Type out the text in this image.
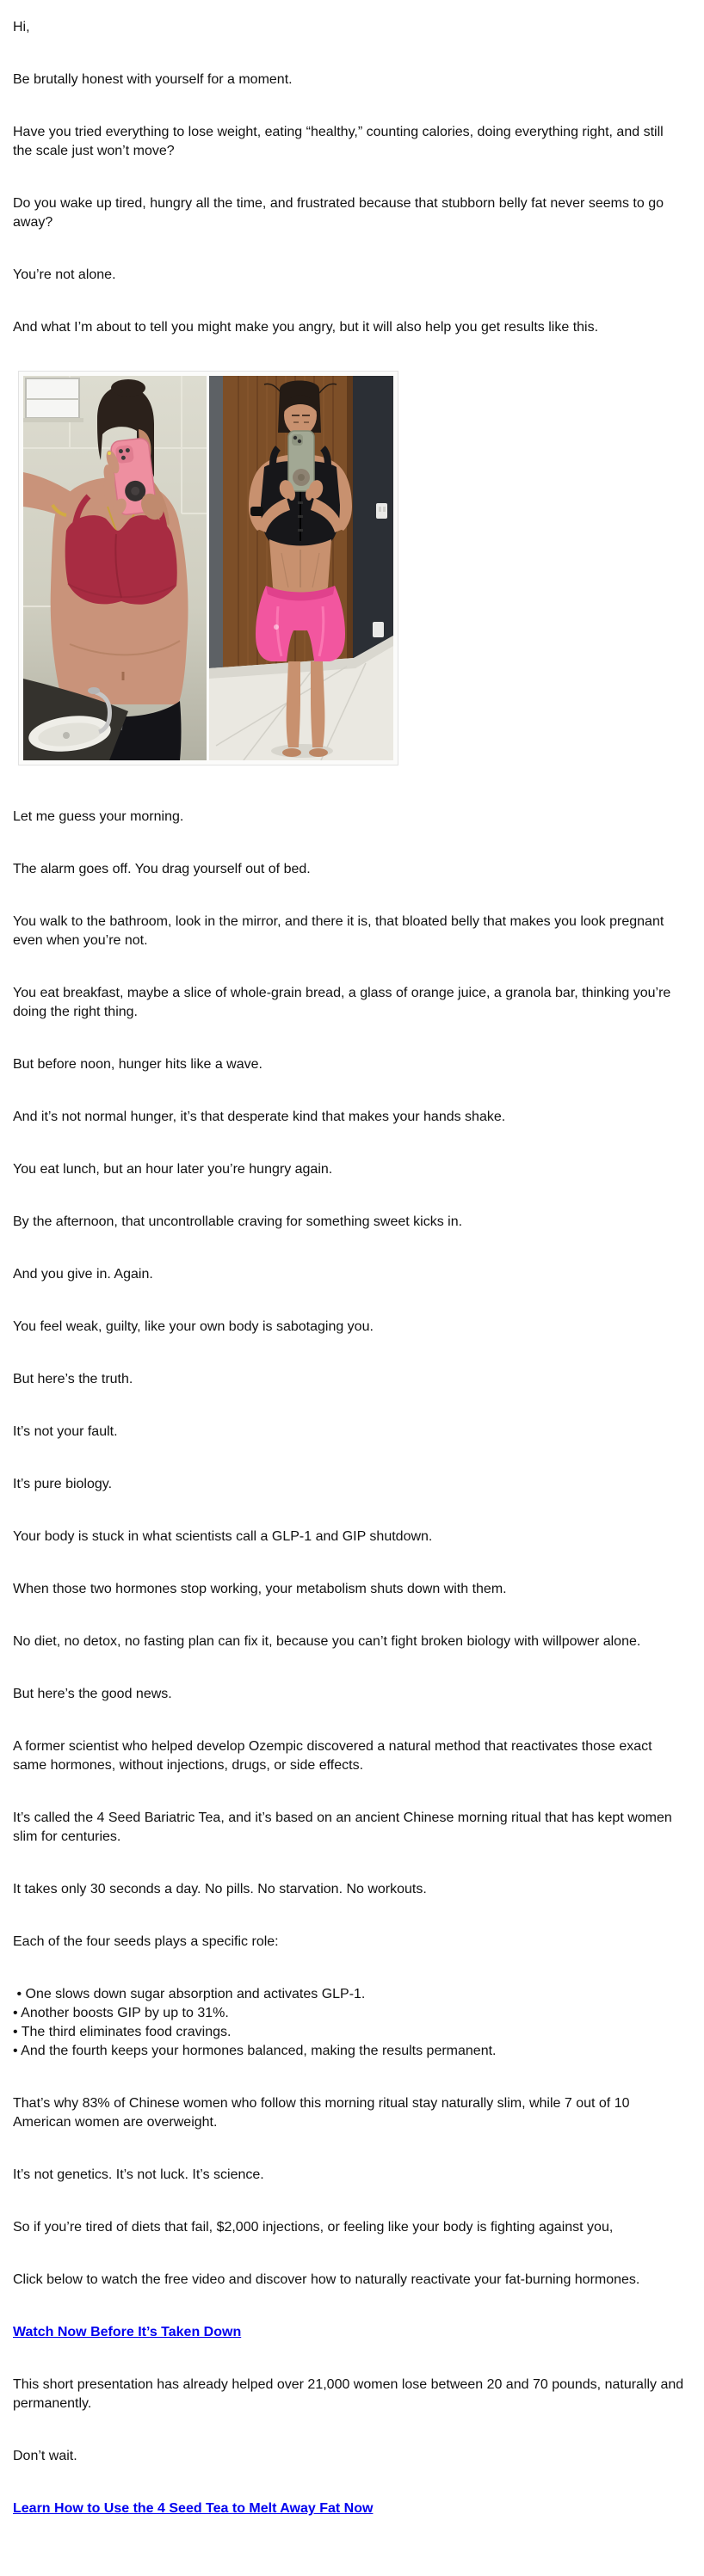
Hi,

Be brutally honest with yourself for a moment.

Have you tried everything to lose weight, eating “healthy,” counting calories, doing everything right, and still the scale just won’t move?

Do you wake up tired, hungry all the time, and frustrated because that stubborn belly fat never seems to go away?

You’re not alone.

And what I’m about to tell you might make you angry, but it will also help you get results like this.

Let me guess your morning.

The alarm goes off. You drag yourself out of bed.

You walk to the bathroom, look in the mirror, and there it is, that bloated belly that makes you look pregnant even when you’re not.

You eat breakfast, maybe a slice of whole-grain bread, a glass of orange juice, a granola bar, thinking you’re doing the right thing.

But before noon, hunger hits like a wave.

And it’s not normal hunger, it’s that desperate kind that makes your hands shake.

You eat lunch, but an hour later you’re hungry again.

By the afternoon, that uncontrollable craving for something sweet kicks in.

And you give in. Again.

You feel weak, guilty, like your own body is sabotaging you.

But here’s the truth.

It’s not your fault.

It’s pure biology.

Your body is stuck in what scientists call a GLP-1 and GIP shutdown.

When those two hormones stop working, your metabolism shuts down with them.

No diet, no detox, no fasting plan can fix it, because you can’t fight broken biology with willpower alone.

But here’s the good news.

A former scientist who helped develop Ozempic discovered a natural method that reactivates those exact same hormones, without injections, drugs, or side effects.

It’s called the 4 Seed Bariatric Tea, and it’s based on an ancient Chinese morning ritual that has kept women slim for centuries.

It takes only 30 seconds a day. No pills. No starvation. No workouts.

Each of the four seeds plays a specific role:

• One slows down sugar absorption and activates GLP-1.
• Another boosts GIP by up to 31%.
• The third eliminates food cravings.
• And the fourth keeps your hormones balanced, making the results permanent.

That’s why 83% of Chinese women who follow this morning ritual stay naturally slim, while 7 out of 10 American women are overweight.

It’s not genetics. It’s not luck. It’s science.

So if you’re tired of diets that fail, $2,000 injections, or feeling like your body is fighting against you,

Click below to watch the free video and discover how to naturally reactivate your fat-burning hormones.

Watch Now Before It’s Taken Down

This short presentation has already helped over 21,000 women lose between 20 and 70 pounds, naturally and permanently.

Don’t wait.

Learn How to Use the 4 Seed Tea to Melt Away Fat Now
